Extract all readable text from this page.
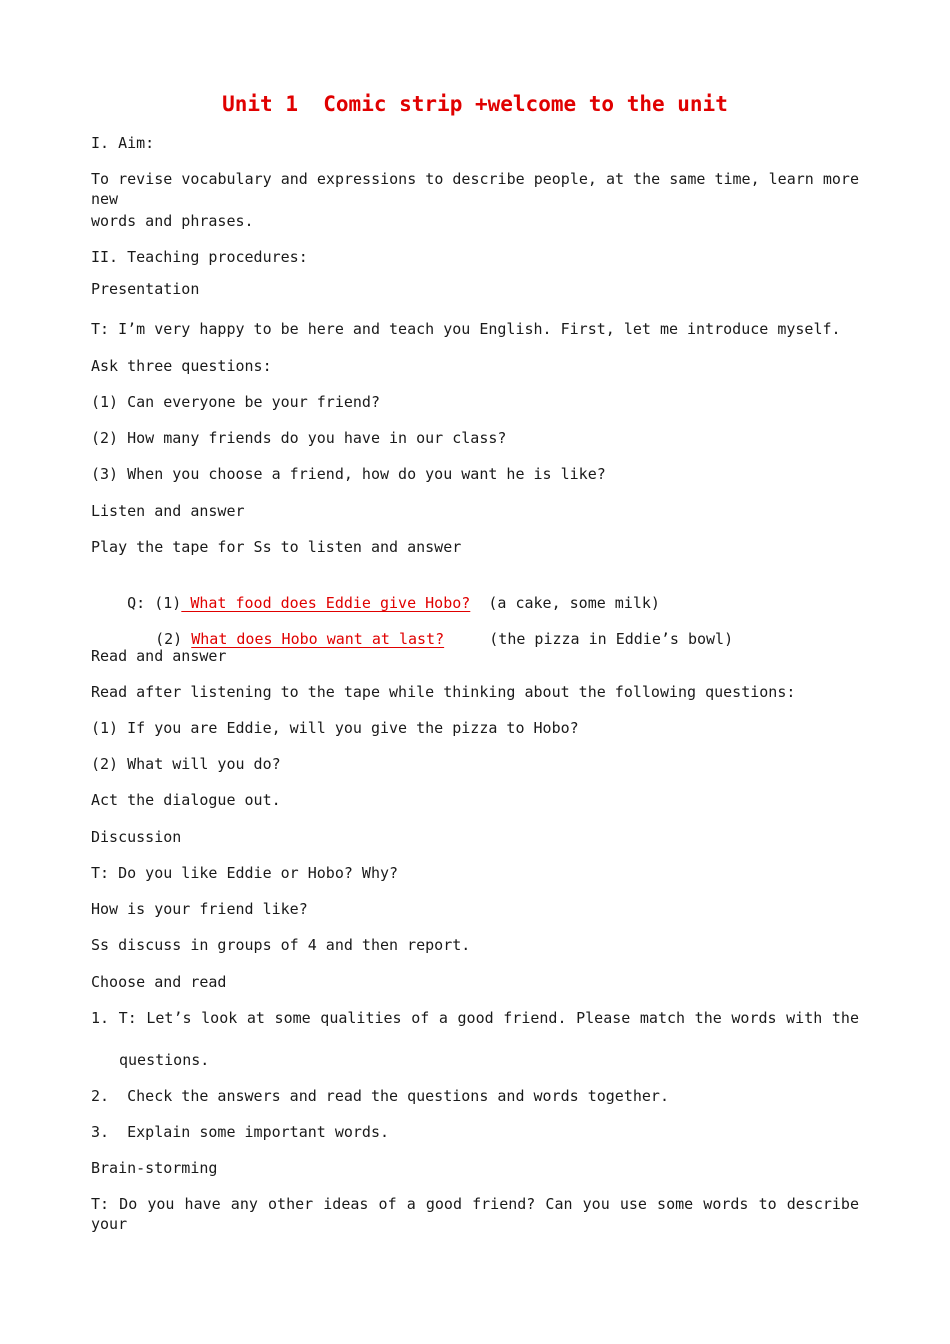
Unit 1  Comic strip +welcome to the unit
I. Aim:
To revise vocabulary and expressions to describe people, at the same time, learn more new
words and phrases.
II. Teaching procedures:
Presentation
T: I’m very happy to be here and teach you English. First, let me introduce myself.
Ask three questions:
(1) Can everyone be your friend?
(2) How many friends do you have in our class?
(3) When you choose a friend, how do you want he is like?
Listen and answer
Play the tape for Ss to listen and answer

Q: (1) What food does Eddie give Hobo?  (a cake, some milk)

(2) What does Hobo want at last?     (the pizza in Eddie’s bowl)

Read and answer
Read after listening to the tape while thinking about the following questions:
(1) If you are Eddie, will you give the pizza to Hobo?
(2) What will you do?
Act the dialogue out.
Discussion
T: Do you like Eddie or Hobo? Why?
How is your friend like?
Ss discuss in groups of 4 and then report.
Choose and read
1. T: Let’s look at some qualities of a good friend. Please match the words with the
questions.
2.  Check the answers and read the questions and words together.
3.  Explain some important words.
Brain-storming
T: Do you have any other ideas of a good friend? Can you use some words to describe your
